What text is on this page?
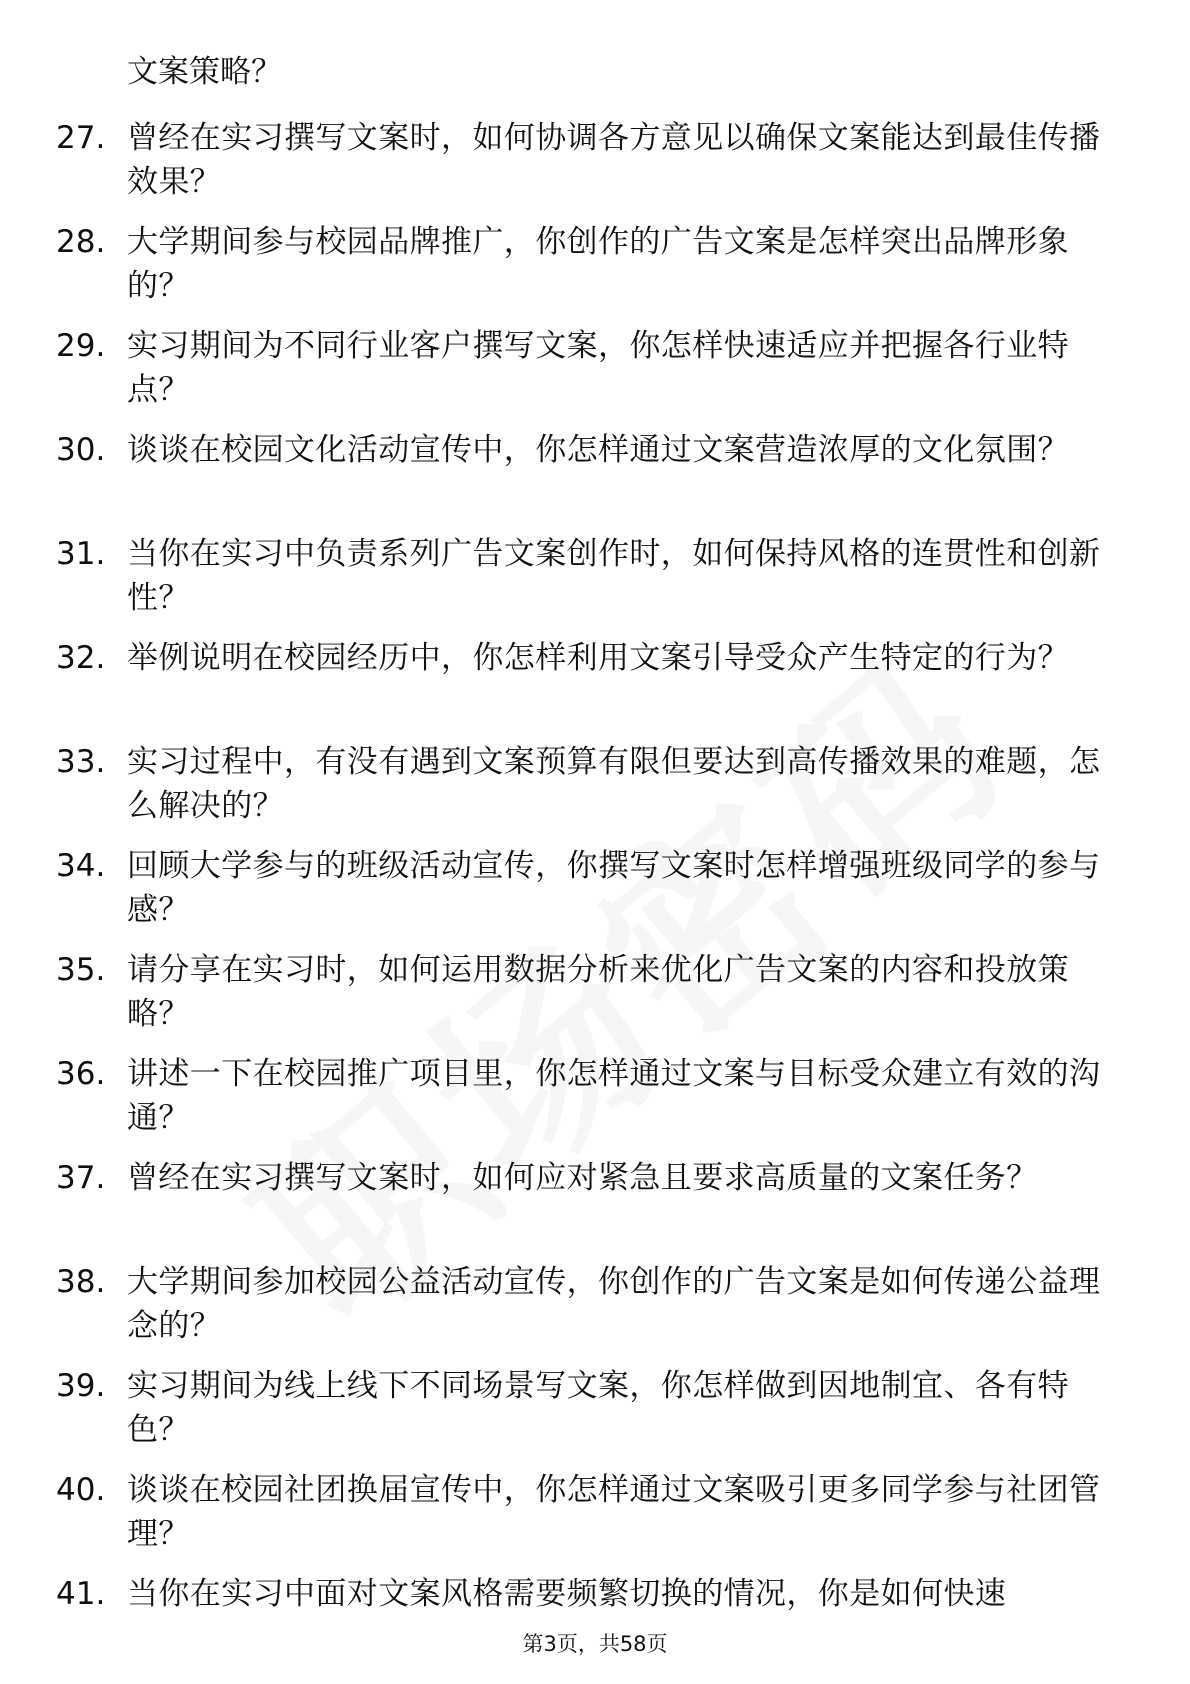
文案策略？
27. 曾经在实习撰写文案时，如何协调各方意见以确保文案能达到最佳传播效果？
28. 大学期间参与校园品牌推广，你创作的广告文案是怎样突出品牌形象的？
29. 实习期间为不同行业客户撰写文案，你怎样快速适应并把握各行业特点？
30. 谈谈在校园文化活动宣传中，你怎样通过文案营造浓厚的文化氛围？
31. 当你在实习中负责系列广告文案创作时，如何保持风格的连贯性和创新性？
32. 举例说明在校园经历中，你怎样利用文案引导受众产生特定的行为？
33. 实习过程中，有没有遇到文案预算有限但要达到高传播效果的难题，怎么解决的？
34. 回顾大学参与的班级活动宣传，你撰写文案时怎样增强班级同学的参与感？
35. 请分享在实习时，如何运用数据分析来优化广告文案的内容和投放策略？
36. 讲述一下在校园推广项目里，你怎样通过文案与目标受众建立有效的沟通？
37. 曾经在实习撰写文案时，如何应对紧急且要求高质量的文案任务？
38. 大学期间参加校园公益活动宣传，你创作的广告文案是如何传递公益理念的？
39. 实习期间为线上线下不同场景写文案，你怎样做到因地制宜、各有特色？
40. 谈谈在校园社团换届宣传中，你怎样通过文案吸引更多同学参与社团管理？
41. 当你在实习中面对文案风格需要频繁切换的情况，你是如何快速
第3页，共58页
